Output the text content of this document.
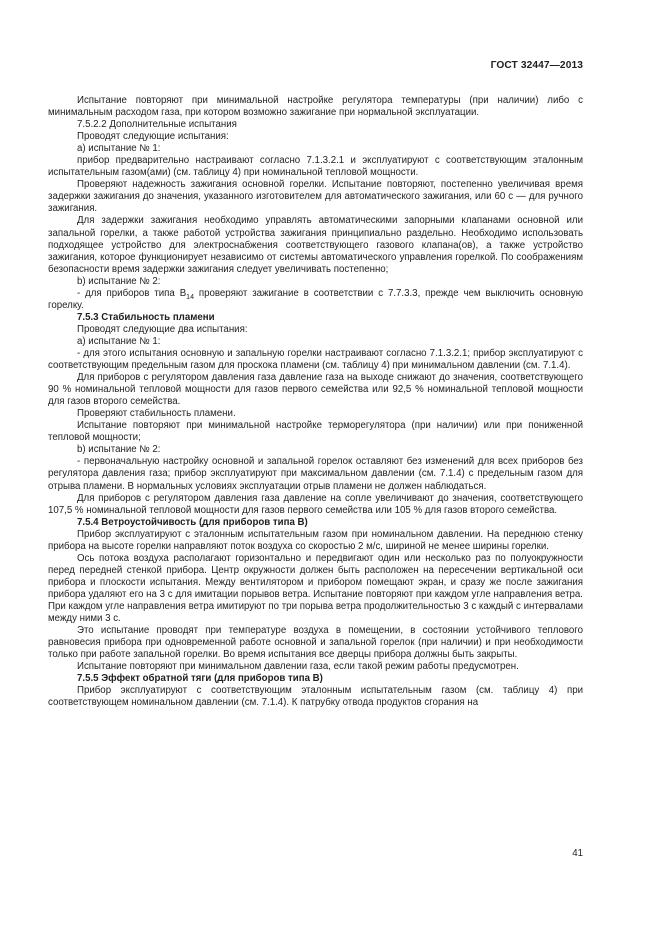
ГОСТ 32447—2013

Испытание повторяют при минимальной настройке регулятора температуры (при наличии) либо с минимальным расходом газа, при котором возможно зажигание при нормальной эксплуатации.

7.5.2.2 Дополнительные испытания

Проводят следующие испытания:

а) испытание № 1:

прибор предварительно настраивают согласно 7.1.3.2.1 и эксплуатируют с соответствующим эталонным испытательным газом(ами) (см. таблицу 4) при номинальной тепловой мощности.

Проверяют надежность зажигания основной горелки. Испытание повторяют, постепенно увеличивая время задержки зажигания до значения, указанного изготовителем для автоматического зажигания, или 60 с — для ручного зажигания.

Для задержки зажигания необходимо управлять автоматическими запорными клапанами основной или запальной горелки, а также работой устройства зажигания принципиально раздельно. Необходимо использовать подходящее устройство для электроснабжения соответствующего газового клапана(ов), а также устройство зажигания, которое функционирует независимо от системы автоматического управления горелкой. По соображениям безопасности время задержки зажигания следует увеличивать постепенно;

b) испытание № 2:

- для приборов типа $B_{14}$ проверяют зажигание в соответствии с 7.7.3.3, прежде чем выключить основную горелку.

7.5.3 Стабильность пламени

Проводят следующие два испытания:

а) испытание № 1:

- для этого испытания основную и запальную горелки настраивают согласно 7.1.3.2.1; прибор эксплуатируют с соответствующим предельным газом для проскока пламени (см. таблицу 4) при минимальном давлении (см. 7.1.4).

Для приборов с регулятором давления газа давление газа на выходе снижают до значения, соответствующего 90 % номинальной тепловой мощности для газов первого семейства или 92,5 % номинальной тепловой мощности для газов второго семейства.

Проверяют стабильность пламени.

Испытание повторяют при минимальной настройке терморегулятора (при наличии) или при пониженной тепловой мощности;

b) испытание № 2:

- первоначальную настройку основной и запальной горелок оставляют без изменений для всех приборов без регулятора давления газа; прибор эксплуатируют при максимальном давлении (см. 7.1.4) с предельным газом для отрыва пламени. В нормальных условиях эксплуатации отрыв пламени не должен наблюдаться.

Для приборов с регулятором давления газа давление на сопле увеличивают до значения, соответствующего 107,5 % номинальной тепловой мощности для газов первого семейства или 105 % для газов второго семейства.

7.5.4 Ветроустойчивость (для приборов типа B)

Прибор эксплуатируют с эталонным испытательным газом при номинальном давлении. На переднюю стенку прибора на высоте горелки направляют поток воздуха со скоростью 2 м/с, шириной не менее ширины горелки.

Ось потока воздуха располагают горизонтально и передвигают один или несколько раз по полуокружности перед передней стенкой прибора. Центр окружности должен быть расположен на пересечении вертикальной оси прибора и плоскости испытания. Между вентилятором и прибором помещают экран, и сразу же после зажигания прибора удаляют его на 3 с для имитации порывов ветра. Испытание повторяют при каждом угле направления ветра. При каждом угле направления ветра имитируют по три порыва ветра продолжительностью 3 с каждый с интервалами между ними 3 с.

Это испытание проводят при температуре воздуха в помещении, в состоянии устойчивого теплового равновесия прибора при одновременной работе основной и запальной горелок (при наличии) и при необходимости только при работе запальной горелки. Во время испытания все дверцы прибора должны быть закрыты.

Испытание повторяют при минимальном давлении газа, если такой режим работы предусмотрен.

7.5.5 Эффект обратной тяги (для приборов типа B)

Прибор эксплуатируют с соответствующим эталонным испытательным газом (см. таблицу 4) при соответствующем номинальном давлении (см. 7.1.4). К патрубку отвода продуктов сгорания на

41
